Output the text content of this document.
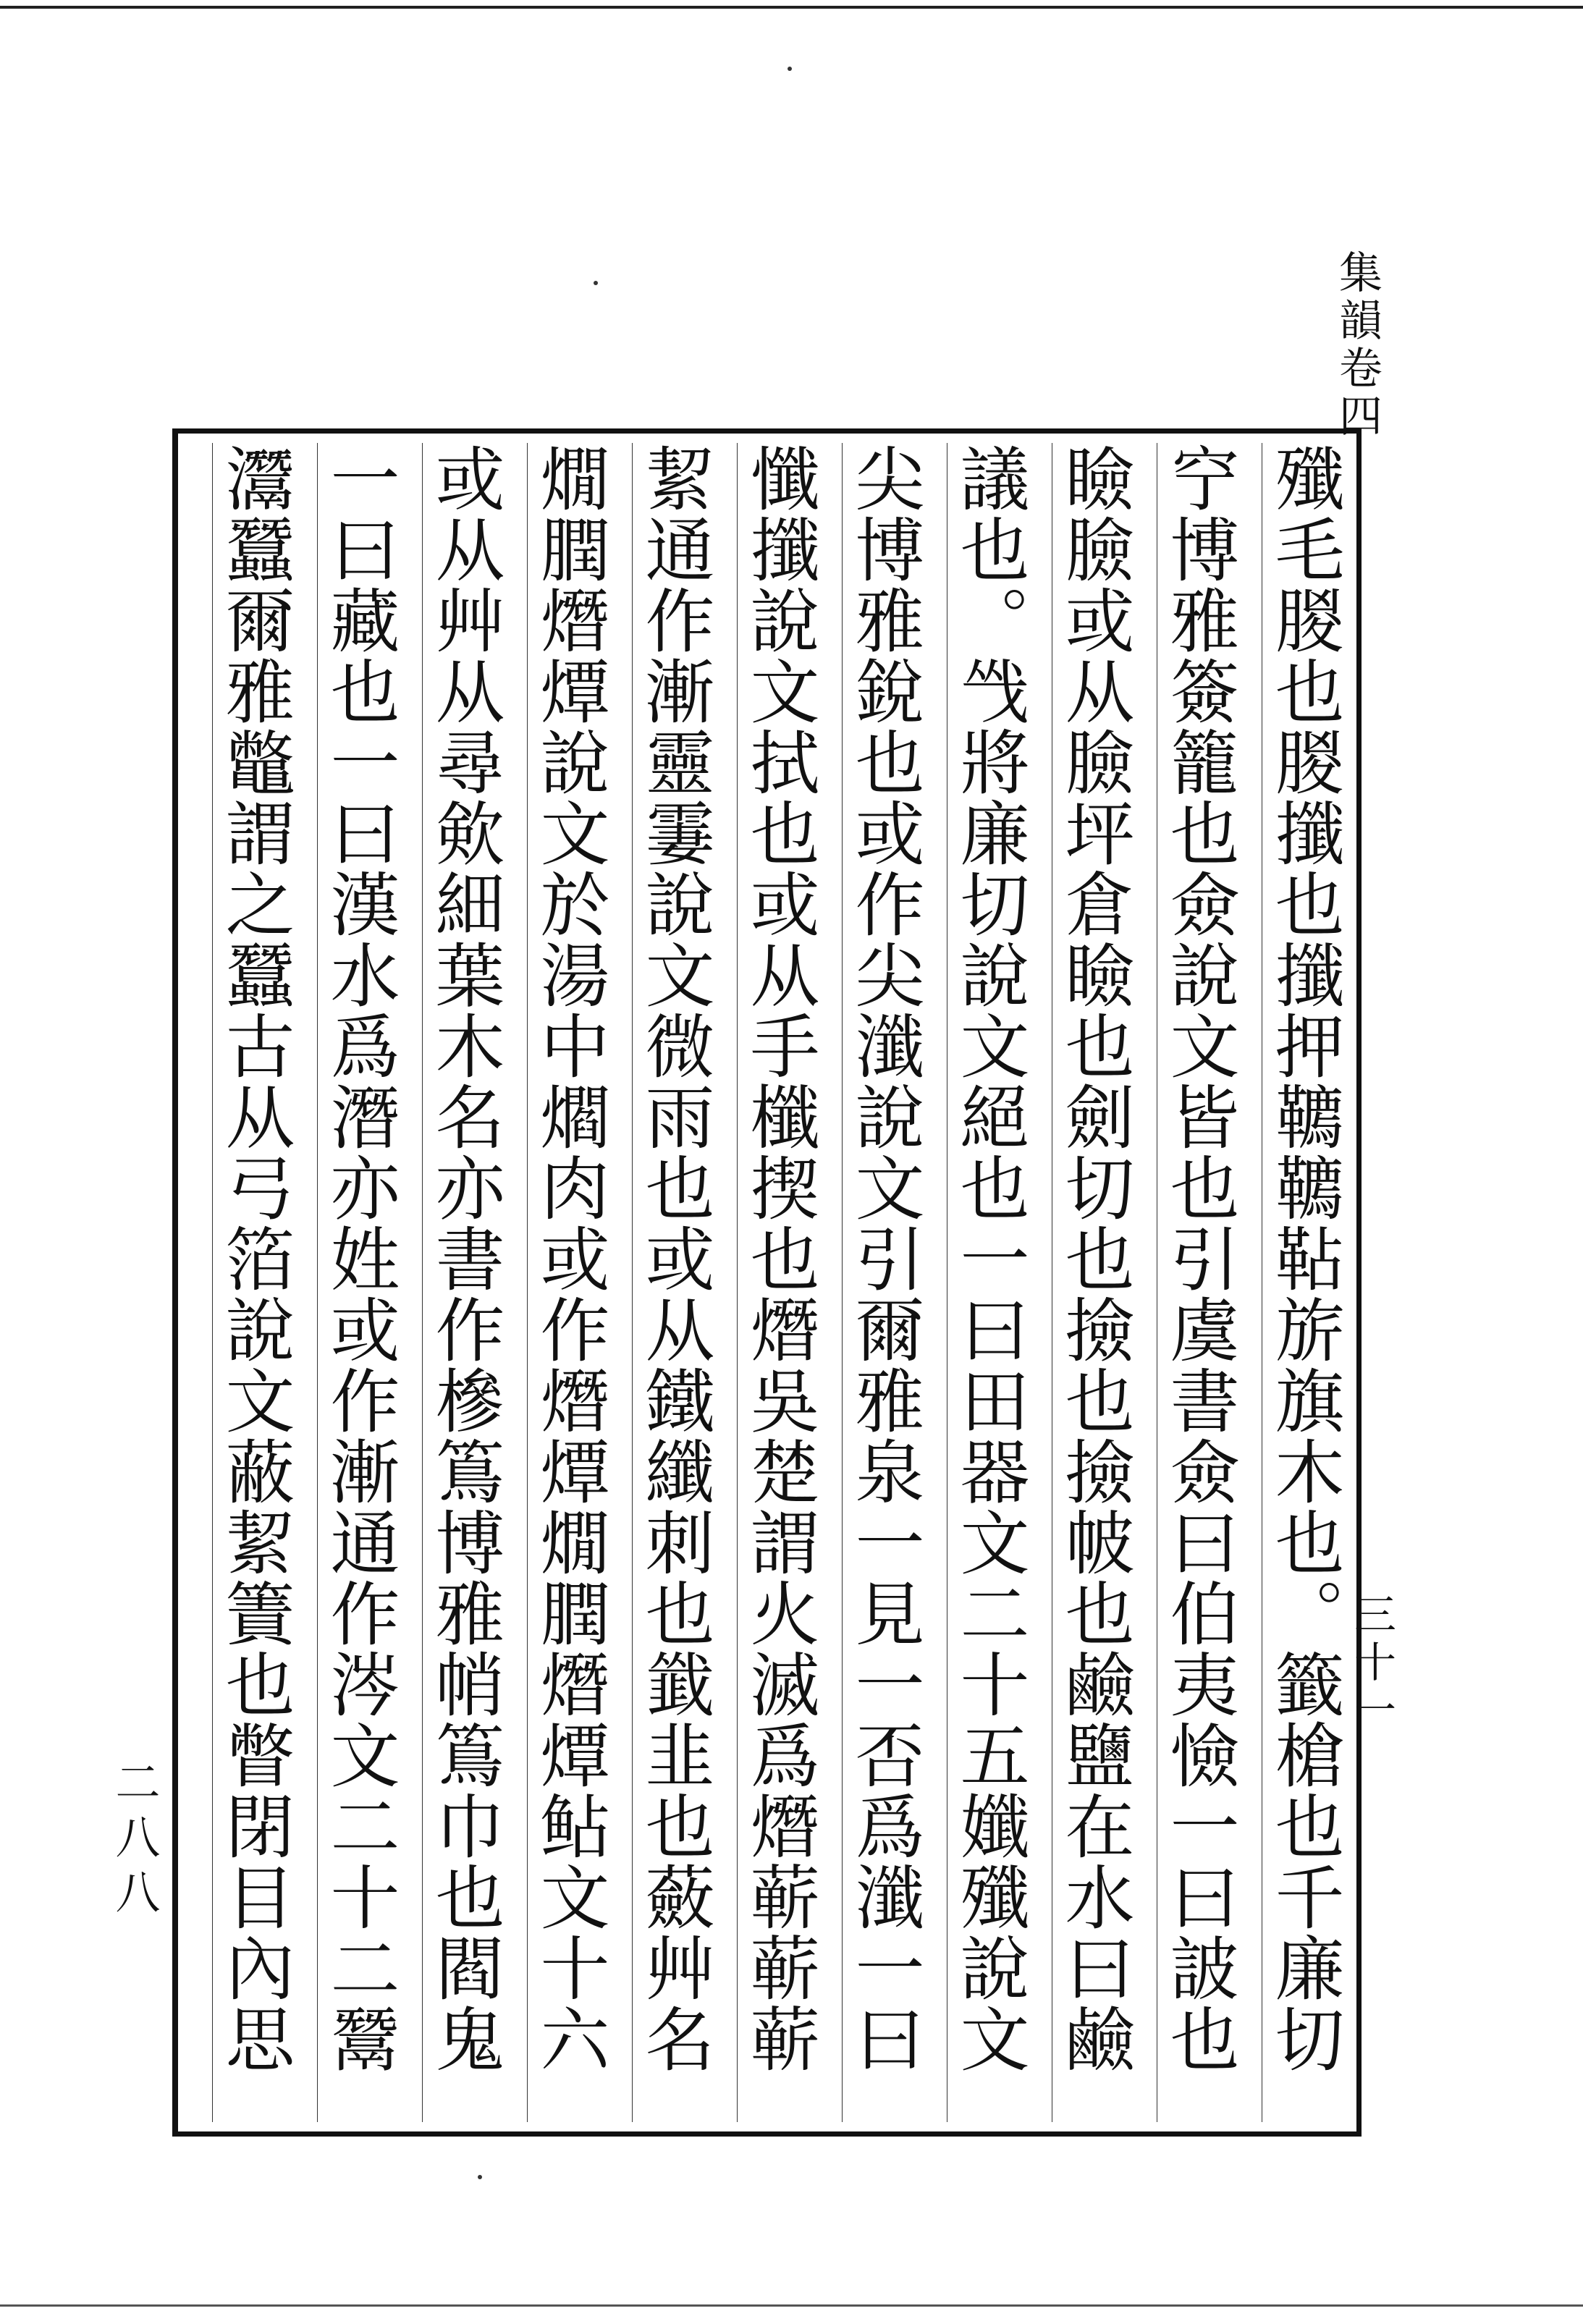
集韻卷四
三十一
殲毛朡也朡攕也攕押韀韀䩞旂旗木也。籤槍也千廉切
䆑博雅簽籠也僉說文皆也引虞書僉曰伯夷憸一曰詖也
瞼臉或从臉坪倉瞼也劍切也撿也撿帔也鹼鹽在水曰鹼
議也。㦰將廉切說文絕也一曰田器文二十五孅殲說文
尖博雅銳也或作尖瀸說文引爾雅泉一見一否爲瀸一曰
懺攕說文拭也或从手櫼揳也熸吳楚謂火滅爲熸蕲蕲蕲
絜通作漸靈霋說文微雨也或从鐵纖刺也韱韭也蘞艸名
燗膶熸燂說文於湯中爓肉或作熸燂燗膶熸燂鲇文十六
或从艸从尋㰸細葉木名亦書作槮䉆博雅帩䉆巾也閻鬼
一曰藏也一曰漢水爲潛亦姓或作漸通作涔文二十二鬵
灊蠶爾雅鼈謂之蠶古从弓箔說文蔽絜簀也瞥閉目內思
二八八
